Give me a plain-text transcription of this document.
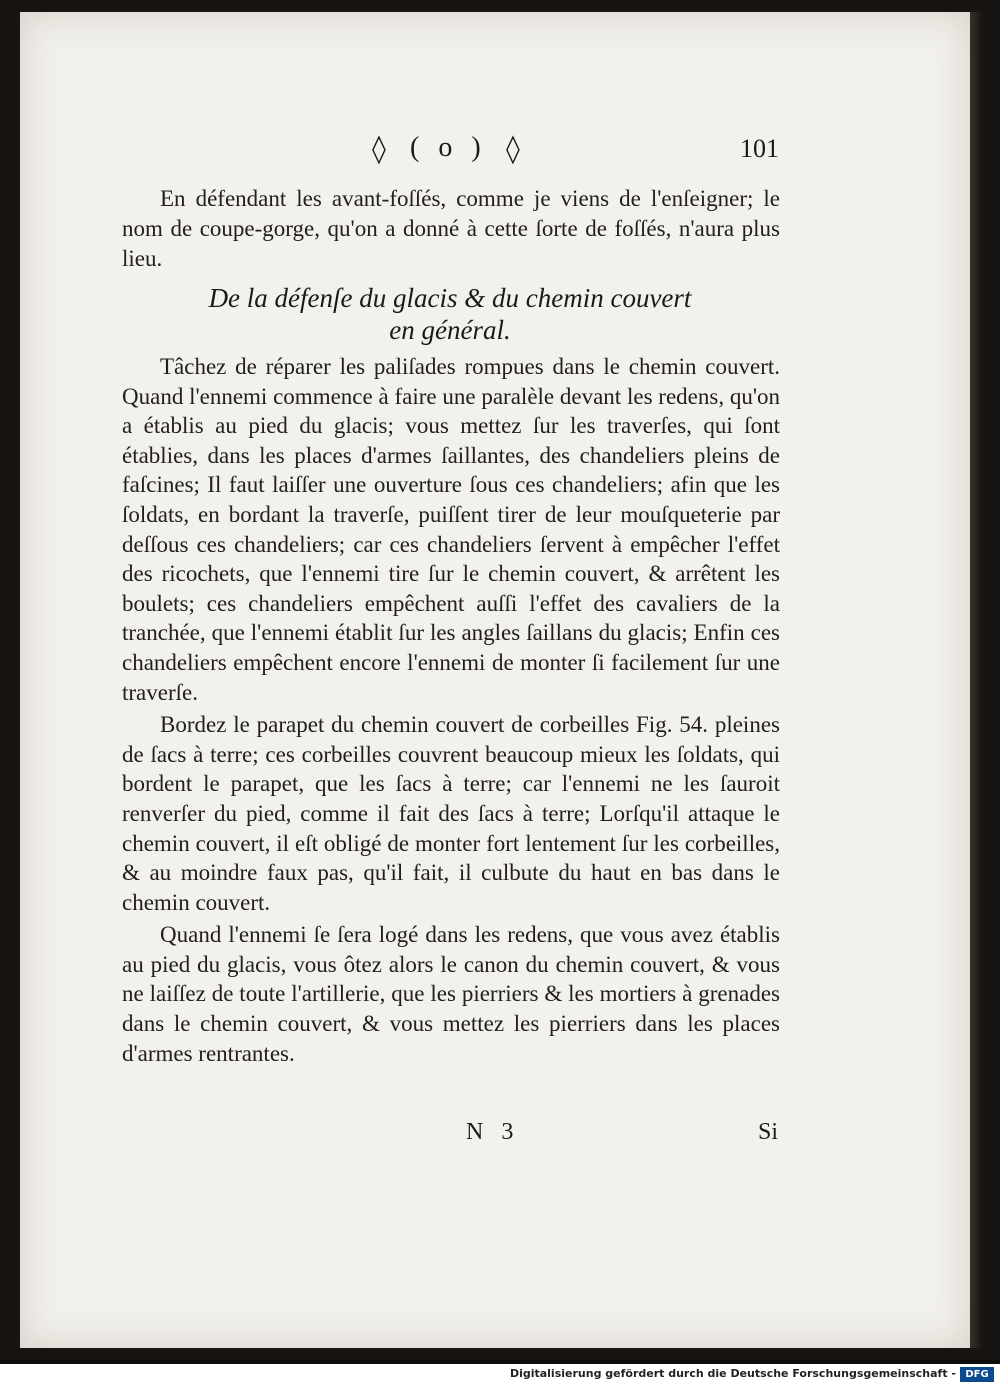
◊ ( o ) ◊	101

En défendant les avant-foſſés, comme je viens de l'enſeigner; le nom de coupe-gorge, qu'on a donné à cette ſorte de foſſés, n'aura plus lieu.

De la défenſe du glacis & du chemin couvert
en général.

Tâchez de réparer les paliſades rompues dans le chemin couvert. Quand l'ennemi commence à faire une paralèle devant les redens, qu'on a établis au pied du glacis; vous mettez ſur les traverſes, qui ſont établies, dans les places d'armes ſaillantes, des chandeliers pleins de faſcines; Il faut laiſſer une ouverture ſous ces chandeliers; afin que les ſoldats, en bordant la traverſe, puiſſent tirer de leur mouſqueterie par deſſous ces chandeliers; car ces chandeliers ſervent à empêcher l'effet des ricochets, que l'ennemi tire ſur le chemin couvert, & arrêtent les boulets; ces chandeliers empêchent auſſi l'effet des cavaliers de la tranchée, que l'ennemi établit ſur les angles ſaillans du glacis; Enfin ces chandeliers empêchent encore l'ennemi de monter ſi facilement ſur une traverſe.

Bordez le parapet du chemin couvert de corbeilles Fig. 54. pleines de ſacs à terre; ces corbeilles couvrent beaucoup mieux les ſoldats, qui bordent le parapet, que les ſacs à terre; car l'ennemi ne les ſauroit renverſer du pied, comme il fait des ſacs à terre; Lorſqu'il attaque le chemin couvert, il eſt obligé de monter fort lentement ſur les corbeilles, & au moindre faux pas, qu'il fait, il culbute du haut en bas dans le chemin couvert.

Quand l'ennemi ſe ſera logé dans les redens, que vous avez établis au pied du glacis, vous ôtez alors le canon du chemin couvert, & vous ne laiſſez de toute l'artillerie, que les pierriers & les mortiers à grenades dans le chemin couvert, & vous mettez les pierriers dans les places d'armes rentrantes.

N 3	Si
Digitalisierung gefördert durch die Deutsche Forschungsgemeinschaft - DFG
